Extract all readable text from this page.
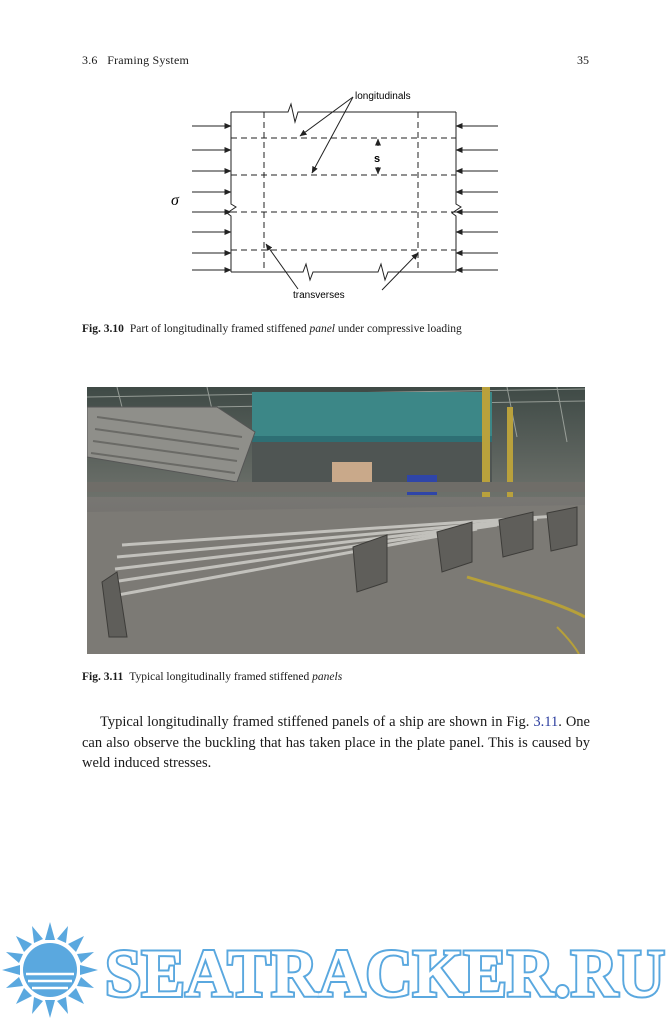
3.6   Framing System	35
longitudinals
s
σ
transverses
Fig. 3.10 Part of longitudinally framed stiffened panel under compressive loading
Fig. 3.11 Typical longitudinally framed stiffened panels
Typical longitudinally framed stiffened panels of a ship are shown in Fig. 3.11. One can also observe the buckling that has taken place in the plate panel. This is caused by weld induced stresses.
SEATRACKER.RU
